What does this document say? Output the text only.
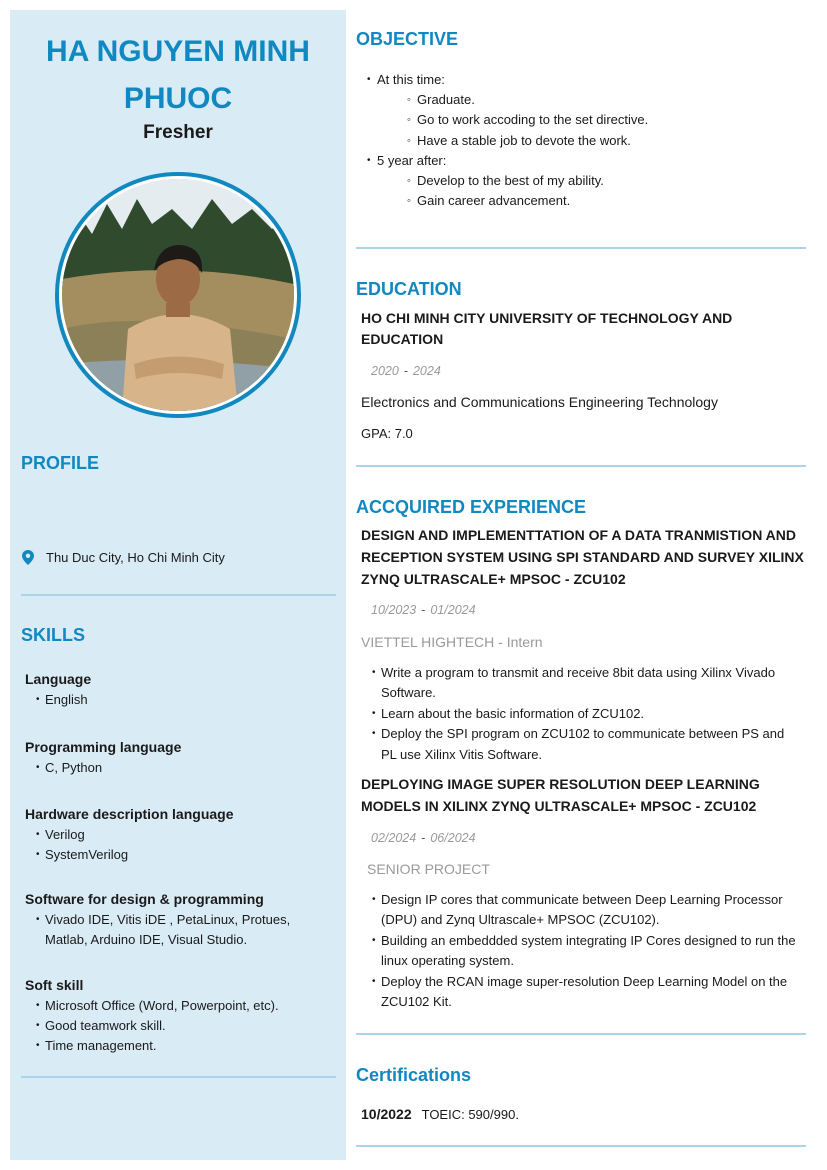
HA NGUYEN MINH
PHUOC
Fresher
PROFILE
Thu Duc City, Ho Chi Minh City
SKILLS
Language
• English
Programming language
• C, Python
Hardware description language
• Verilog
• SystemVerilog
Software for design & programming
• Vivado IDE, Vitis iDE , PetaLinux, Protues, Matlab, Arduino IDE, Visual Studio.
Soft skill
• Microsoft Office (Word, Powerpoint, etc).
• Good teamwork skill.
• Time management.
OBJECTIVE
• At this time:
◦ Graduate.
◦ Go to work accoding to the set directive.
◦ Have a stable job to devote the work.
• 5 year after:
◦ Develop to the best of my ability.
◦ Gain career advancement.
EDUCATION
HO CHI MINH CITY UNIVERSITY OF TECHNOLOGY AND EDUCATION
2020 - 2024
Electronics and Communications Engineering Technology
GPA: 7.0
ACCQUIRED EXPERIENCE
DESIGN AND IMPLEMENTTATION OF A DATA TRANMISTION AND RECEPTION SYSTEM USING SPI STANDARD AND SURVEY XILINX ZYNQ ULTRASCALE+ MPSOC - ZCU102
10/2023 - 01/2024
VIETTEL HIGHTECH - Intern
• Write a program to transmit and receive 8bit data using Xilinx Vivado Software.
• Learn about the basic information of ZCU102.
• Deploy the SPI program on ZCU102 to communicate between PS and PL use Xilinx Vitis Software.
DEPLOYING IMAGE SUPER RESOLUTION DEEP LEARNING MODELS IN XILINX ZYNQ ULTRASCALE+ MPSOC - ZCU102
02/2024 - 06/2024
SENIOR PROJECT
• Design IP cores that communicate between Deep Learning Processor (DPU) and Zynq Ultrascale+ MPSOC (ZCU102).
• Building an embeddded system integrating IP Cores designed to run the linux operating system.
• Deploy the RCAN image super-resolution Deep Learning Model on the ZCU102 Kit.
Certifications
10/2022 TOEIC: 590/990.
